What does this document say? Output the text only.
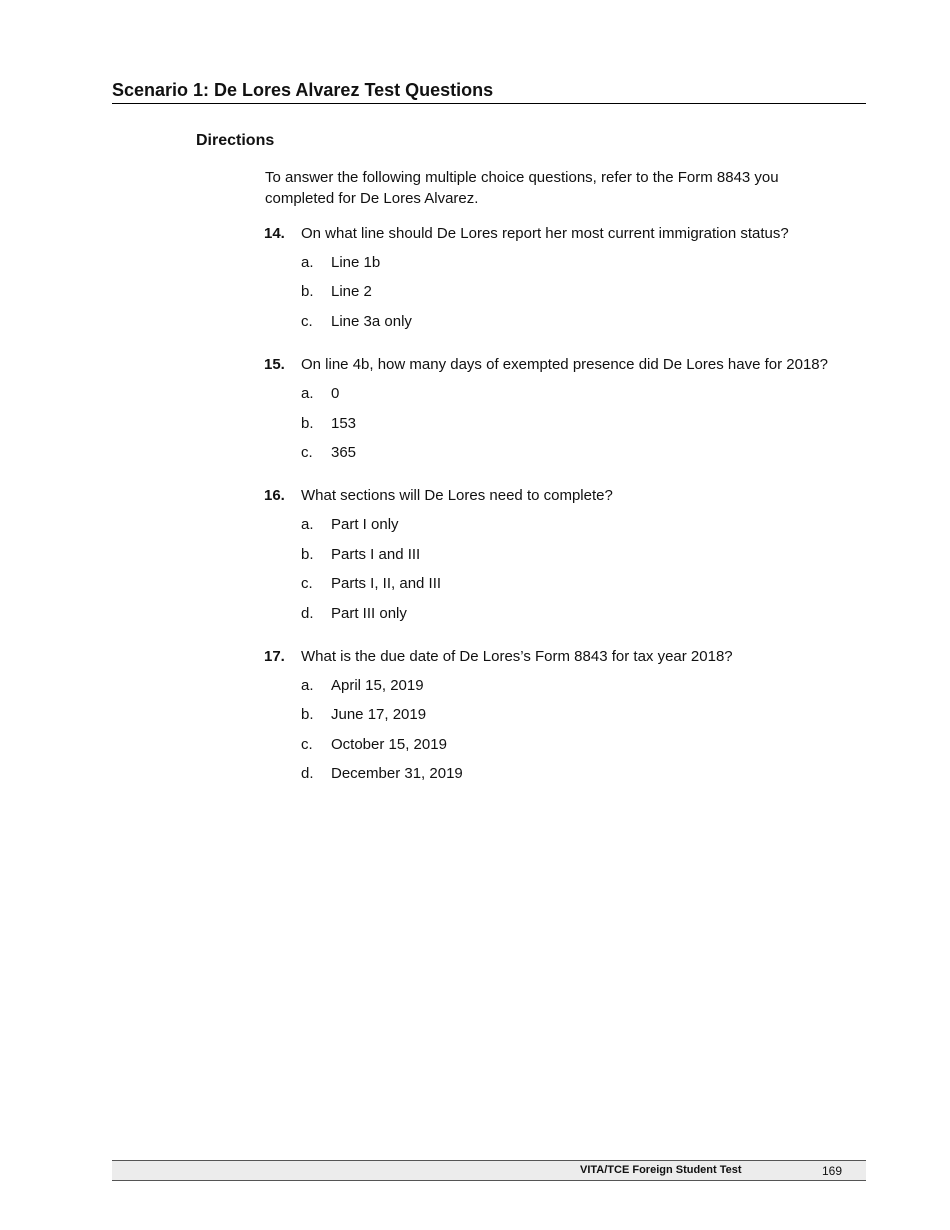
Scenario 1: De Lores Alvarez Test Questions
Directions
To answer the following multiple choice questions, refer to the Form 8843 you completed for De Lores Alvarez.
14.	On what line should De Lores report her most current immigration status?
a.	Line 1b
b.	Line 2
c.	Line 3a only
15.	On line 4b, how many days of exempted presence did De Lores have for 2018?
a.	0
b.	153
c.	365
16.	What sections will De Lores need to complete?
a.	Part I only
b.	Parts I and III
c.	Parts I, II, and III
d.	Part III only
17.	What is the due date of De Lores’s Form 8843 for tax year 2018?
a.	April 15, 2019
b.	June 17, 2019
c.	October 15, 2019
d.	December 31, 2019
VITA/TCE Foreign Student Test	169
